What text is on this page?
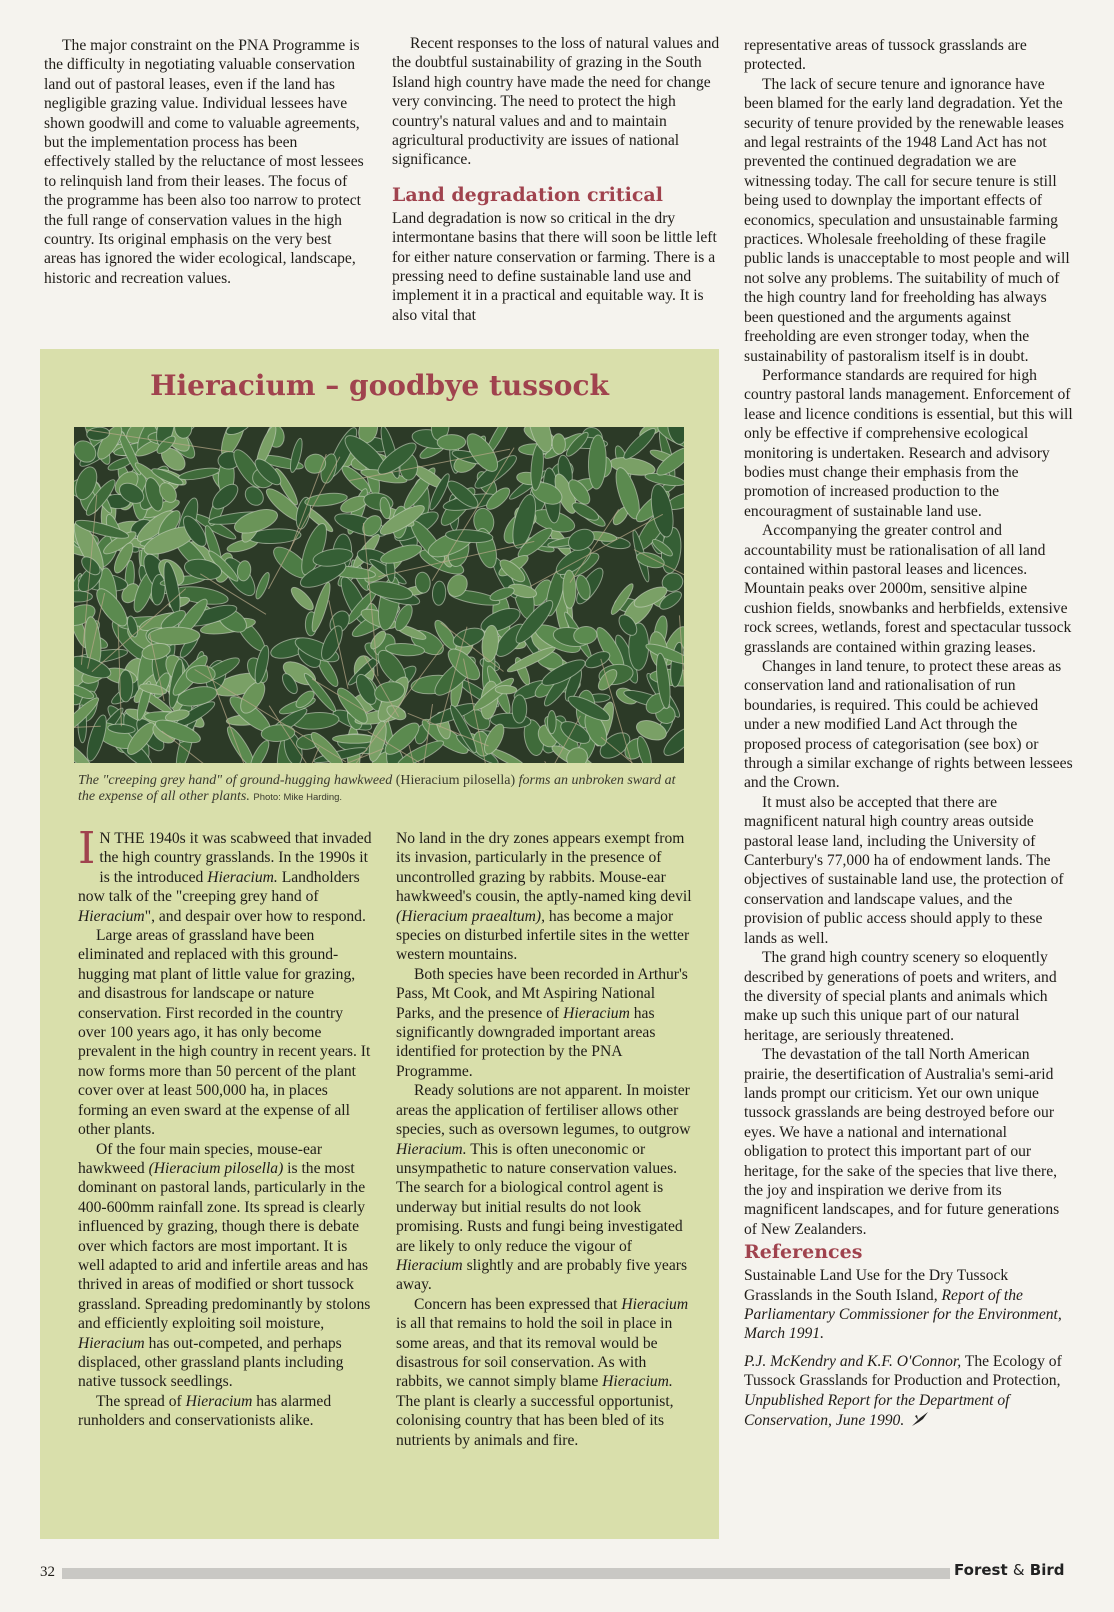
The major constraint on the PNA Programme is the difficulty in negotiating valuable conservation land out of pastoral leases, even if the land has negligible grazing value. Individual lessees have shown goodwill and come to valuable agreements, but the implementation process has been effectively stalled by the reluctance of most lessees to relinquish land from their leases. The focus of the programme has been also too narrow to protect the full range of conservation values in the high country. Its original emphasis on the very best areas has ignored the wider ecological, landscape, historic and recreation values.

Recent responses to the loss of natural values and the doubtful sustainability of grazing in the South Island high country have made the need for change very convincing. The need to protect the high country's natural values and and to maintain agricultural productivity are issues of national significance.

Land degradation critical

Land degradation is now so critical in the dry intermontane basins that there will soon be little left for either nature conservation or farming. There is a pressing need to define sustainable land use and implement it in a practical and equitable way. It is also vital that

representative areas of tussock grasslands are protected.

The lack of secure tenure and ignorance have been blamed for the early land degradation. Yet the security of tenure provided by the renewable leases and legal restraints of the 1948 Land Act has not prevented the continued degradation we are witnessing today. The call for secure tenure is still being used to downplay the important effects of economics, speculation and unsustainable farming practices. Wholesale freeholding of these fragile public lands is unacceptable to most people and will not solve any problems. The suitability of much of the high country land for freeholding has always been questioned and the arguments against freeholding are even stronger today, when the sustainability of pastoralism itself is in doubt.

Performance standards are required for high country pastoral lands management. Enforcement of lease and licence conditions is essential, but this will only be effective if comprehensive ecological monitoring is undertaken. Research and advisory bodies must change their emphasis from the promotion of increased production to the encouragment of sustainable land use.

Accompanying the greater control and accountability must be rationalisation of all land contained within pastoral leases and licences. Mountain peaks over 2000m, sensitive alpine cushion fields, snowbanks and herbfields, extensive rock screes, wetlands, forest and spectacular tussock grasslands are contained within grazing leases.

Changes in land tenure, to protect these areas as conservation land and rationalisation of run boundaries, is required. This could be achieved under a new modified Land Act through the proposed process of categorisation (see box) or through a similar exchange of rights between lessees and the Crown.

It must also be accepted that there are magnificent natural high country areas outside pastoral lease land, including the University of Canterbury's 77,000 ha of endowment lands. The objectives of sustainable land use, the protection of conservation and landscape values, and the provision of public access should apply to these lands as well.

The grand high country scenery so eloquently described by generations of poets and writers, and the diversity of special plants and animals which make up such this unique part of our natural heritage, are seriously threatened.

The devastation of the tall North American prairie, the desertification of Australia's semi-arid lands prompt our criticism. Yet our own unique tussock grasslands are being destroyed before our eyes. We have a national and international obligation to protect this important part of our heritage, for the sake of the species that live there, the joy and inspiration we derive from its magnificent landscapes, and for future generations of New Zealanders.

References

Sustainable Land Use for the Dry Tussock Grasslands in the South Island, Report of the Parliamentary Commissioner for the Environment, March 1991.

P.J. McKendry and K.F. O'Connor, The Ecology of Tussock Grasslands for Production and Protection, Unpublished Report for the Department of Conservation, June 1990.

Hieracium – goodbye tussock
The "creeping grey hand" of ground-hugging hawkweed (Hieracium pilosella) forms an unbroken sward at the expense of all other plants. Photo: Mike Harding.

I N THE 1940s it was scabweed that invaded the high country grasslands. In the 1990s it is the introduced Hieracium. Landholders now talk of the "creeping grey hand of Hieracium", and despair over how to respond.

Large areas of grassland have been eliminated and replaced with this ground-hugging mat plant of little value for grazing, and disastrous for landscape or nature conservation. First recorded in the country over 100 years ago, it has only become prevalent in the high country in recent years. It now forms more than 50 percent of the plant cover over at least 500,000 ha, in places forming an even sward at the expense of all other plants.

Of the four main species, mouse-ear hawkweed (Hieracium pilosella) is the most dominant on pastoral lands, particularly in the 400-600mm rainfall zone. Its spread is clearly influenced by grazing, though there is debate over which factors are most important. It is well adapted to arid and infertile areas and has thrived in areas of modified or short tussock grassland. Spreading predominantly by stolons and efficiently exploiting soil moisture, Hieracium has out-competed, and perhaps displaced, other grassland plants including native tussock seedlings.

The spread of Hieracium has alarmed runholders and conservationists alike.

No land in the dry zones appears exempt from its invasion, particularly in the presence of uncontrolled grazing by rabbits. Mouse-ear hawkweed's cousin, the aptly-named king devil (Hieracium praealtum), has become a major species on disturbed infertile sites in the wetter western mountains.

Both species have been recorded in Arthur's Pass, Mt Cook, and Mt Aspiring National Parks, and the presence of Hieracium has significantly downgraded important areas identified for protection by the PNA Programme.

Ready solutions are not apparent. In moister areas the application of fertiliser allows other species, such as oversown legumes, to outgrow Hieracium. This is often uneconomic or unsympathetic to nature conservation values. The search for a biological control agent is underway but initial results do not look promising. Rusts and fungi being investigated are likely to only reduce the vigour of Hieracium slightly and are probably five years away.

Concern has been expressed that Hieracium is all that remains to hold the soil in place in some areas, and that its removal would be disastrous for soil conservation. As with rabbits, we cannot simply blame Hieracium. The plant is clearly a successful opportunist, colonising country that has been bled of its nutrients by animals and fire.

32	Forest & Bird
